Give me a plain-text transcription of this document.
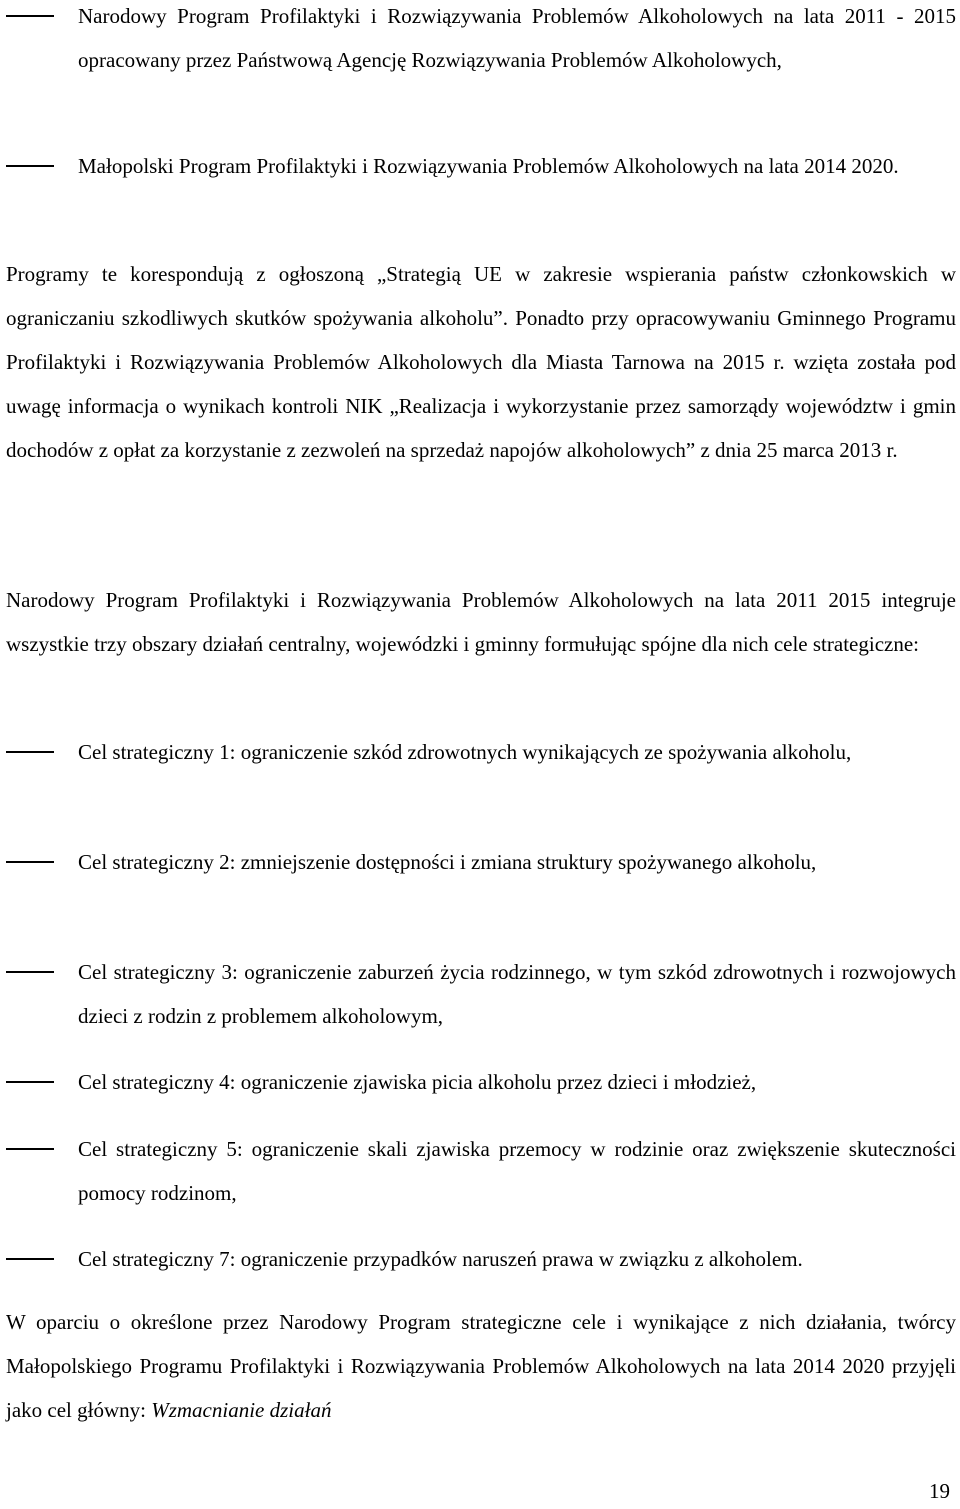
Narodowy Program Profilaktyki i Rozwiązywania Problemów Alkoholowych na lata 2011 - 2015 opracowany przez Państwową Agencję Rozwiązywania Problemów Alkoholowych,
Małopolski Program Profilaktyki i Rozwiązywania Problemów Alkoholowych na lata 2014 2020.
Programy te korespondują z ogłoszoną „Strategią UE w zakresie wspierania państw członkowskich w ograniczaniu szkodliwych skutków spożywania alkoholu”. Ponadto przy opracowywaniu Gminnego Programu Profilaktyki i Rozwiązywania Problemów Alkoholowych dla Miasta Tarnowa na 2015 r. wzięta została pod uwagę informacja o wynikach kontroli NIK „Realizacja i wykorzystanie przez samorządy województw i gmin dochodów z opłat za korzystanie z zezwoleń na sprzedaż napojów alkoholowych” z dnia 25 marca 2013 r.
Narodowy Program Profilaktyki i Rozwiązywania Problemów Alkoholowych na lata 2011 2015 integruje wszystkie trzy obszary działań centralny, wojewódzki i gminny formułując spójne dla nich cele strategiczne:
Cel strategiczny 1: ograniczenie szkód zdrowotnych wynikających ze spożywania alkoholu,
Cel strategiczny 2: zmniejszenie dostępności i zmiana struktury spożywanego alkoholu,
Cel strategiczny 3: ograniczenie zaburzeń życia rodzinnego, w tym szkód zdrowotnych i rozwojowych dzieci z rodzin z problemem alkoholowym,
Cel strategiczny 4: ograniczenie zjawiska picia alkoholu przez dzieci i młodzież,
Cel strategiczny 5: ograniczenie skali zjawiska przemocy w rodzinie oraz zwiększenie skuteczności pomocy rodzinom,
Cel strategiczny 7: ograniczenie przypadków naruszeń prawa w związku z alkoholem.
W oparciu o określone przez Narodowy Program strategiczne cele i wynikające z nich działania, twórcy Małopolskiego Programu Profilaktyki i Rozwiązywania Problemów Alkoholowych na lata 2014 2020 przyjęli jako cel główny: Wzmacnianie działań
19
